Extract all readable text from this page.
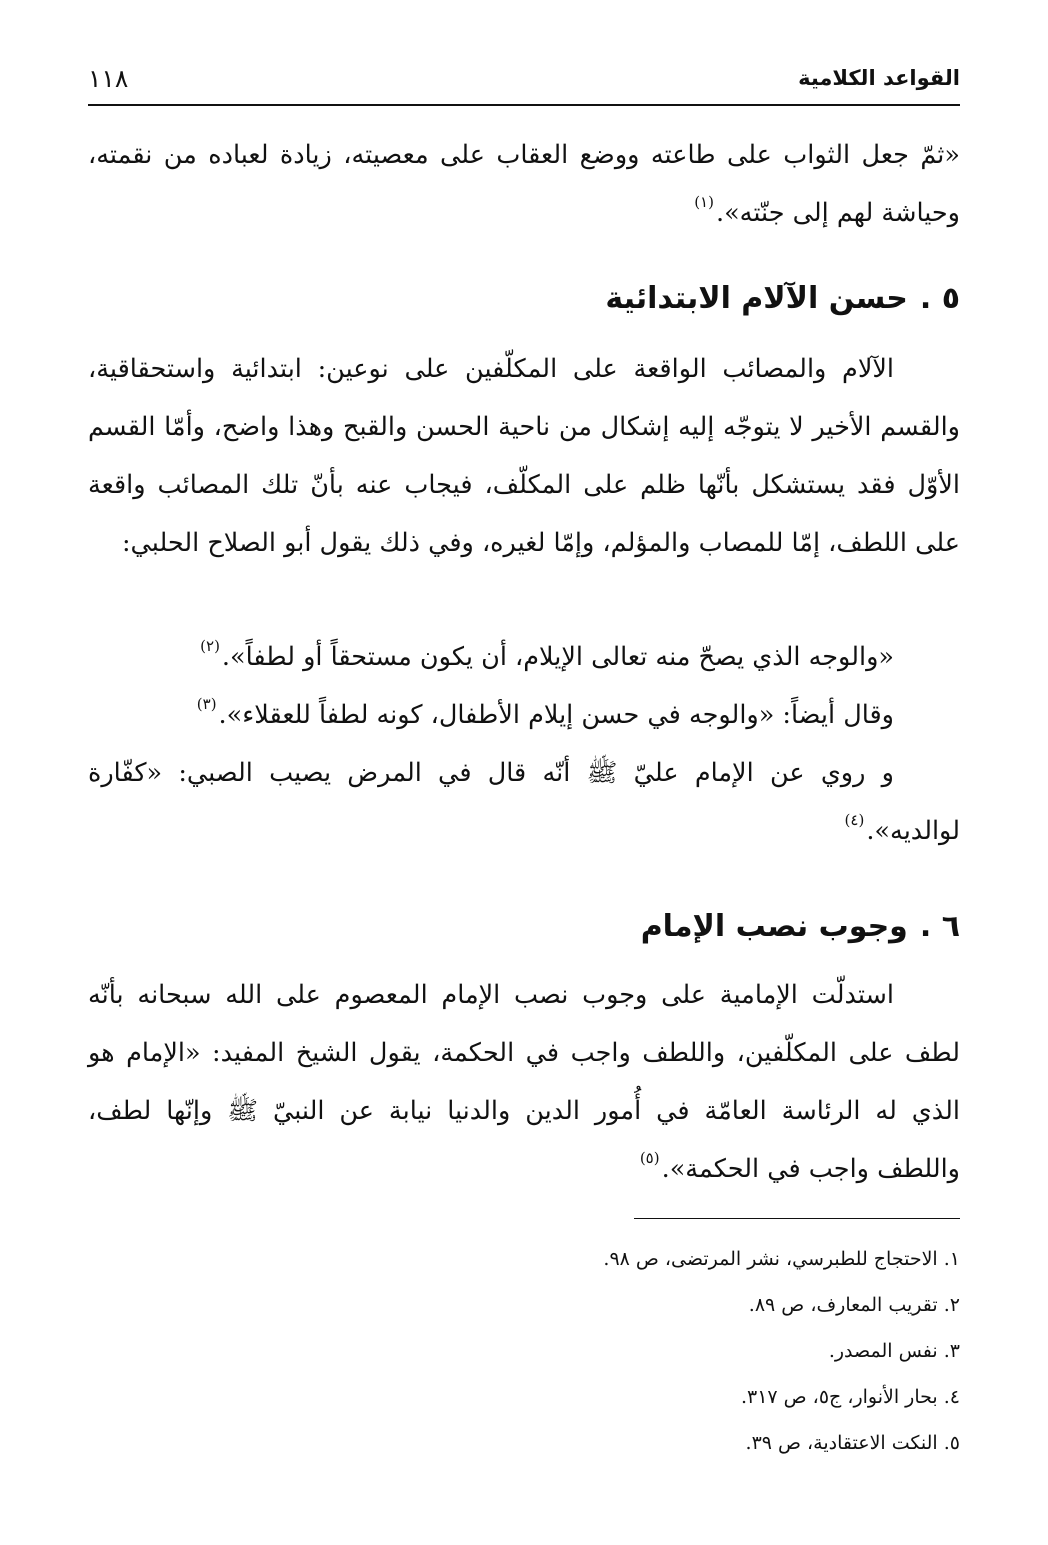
القواعد الكلامية
١١٨

«ثمّ جعل الثواب على طاعته ووضع العقاب على معصيته، زيادة لعباده من نقمته، وحياشة لهم إلى جنّته».$^{(١)}$

٥ .حسن الآلام الابتدائية

الآلام والمصائب الواقعة على المكلّفين على نوعين: ابتدائية واستحقاقية، والقسم الأخير لا يتوجّه إليه إشكال من ناحية الحسن والقبح وهذا واضح، وأمّا القسم الأوّل فقد يستشكل بأنّها ظلم على المكلّف، فيجاب عنه بأنّ تلك المصائب واقعة على اللطف، إمّا للمصاب والمؤلم، وإمّا لغيره، وفي ذلك يقول أبو الصلاح الحلبي:

«والوجه الذي يصحّ منه تعالى الإيلام، أن يكون مستحقاً أو لطفاً».$^{(٢)}$

وقال أيضاً: «والوجه في حسن إيلام الأطفال، كونه لطفاً للعقلاء».$^{(٣)}$

و روي عن الإمام عليّ ﷺ أنّه قال في المرض يصيب الصبي: «كفّارة لوالديه».$^{(٤)}$

٦ .وجوب نصب الإمام

استدلّت الإمامية على وجوب نصب الإمام المعصوم على الله سبحانه بأنّه لطف على المكلّفين، واللطف واجب في الحكمة، يقول الشيخ المفيد: «الإمام هو الذي له الرئاسة العامّة في أُمور الدين والدنيا نيابة عن النبيّ ﷺ وإنّها لطف، واللطف واجب في الحكمة».$^{(٥)}$

١. الاحتجاج للطبرسي، نشر المرتضى، ص ٩٨.
٢. تقريب المعارف، ص ٨٩.
٣. نفس المصدر.
٤. بحار الأنوار، ج٥، ص ٣١٧.
٥. النكت الاعتقادية، ص ٣٩.
